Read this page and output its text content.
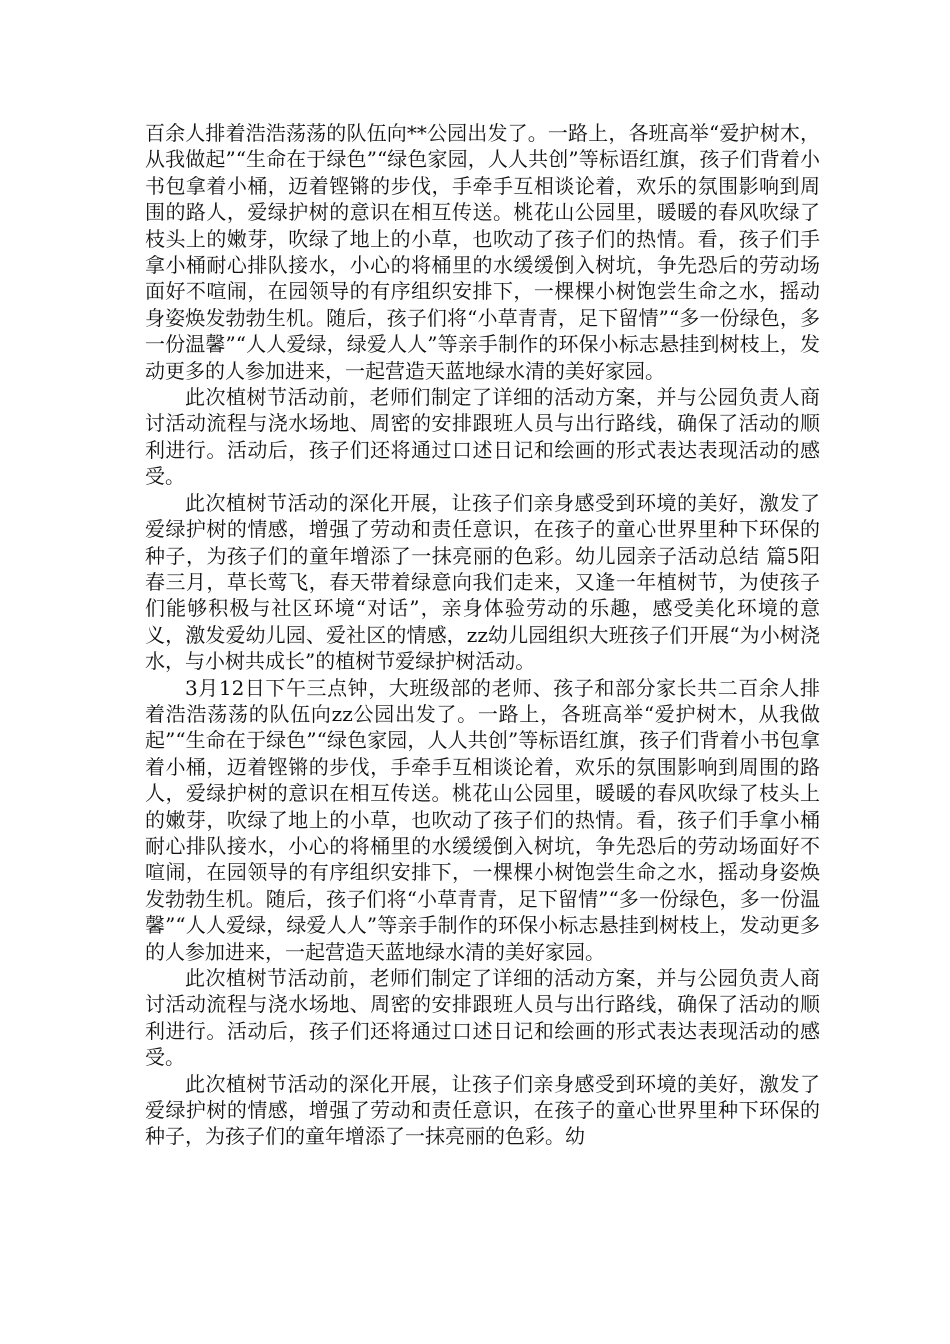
百余人排着浩浩荡荡的队伍向**公园出发了。一路上，各班高举“爱护树木，从我做起”“生命在于绿色”“绿色家园，人人共创”等标语红旗，孩子们背着小书包拿着小桶，迈着铿锵的步伐，手牵手互相谈论着，欢乐的氛围影响到周围的路人，爱绿护树的意识在相互传送。桃花山公园里，暖暖的春风吹绿了枝头上的嫩芽，吹绿了地上的小草，也吹动了孩子们的热情。看，孩子们手拿小桶耐心排队接水，小心的将桶里的水缓缓倒入树坑，争先恐后的劳动场面好不喧闹，在园领导的有序组织安排下，一棵棵小树饱尝生命之水，摇动身姿焕发勃勃生机。随后，孩子们将“小草青青，足下留情”“多一份绿色，多一份温馨”“人人爱绿，绿爱人人”等亲手制作的环保小标志悬挂到树枝上，发动更多的人参加进来，一起营造天蓝地绿水清的美好家园。

此次植树节活动前，老师们制定了详细的活动方案，并与公园负责人商讨活动流程与浇水场地、周密的安排跟班人员与出行路线，确保了活动的顺利进行。活动后，孩子们还将通过口述日记和绘画的形式表达表现活动的感受。

此次植树节活动的深化开展，让孩子们亲身感受到环境的美好，激发了爱绿护树的情感，增强了劳动和责任意识，在孩子的童心世界里种下环保的种子，为孩子们的童年增添了一抹亮丽的色彩。幼儿园亲子活动总结 篇5阳春三月，草长莺飞，春天带着绿意向我们走来，又逢一年植树节，为使孩子们能够积极与社区环境“对话”，亲身体验劳动的乐趣，感受美化环境的意义，激发爱幼儿园、爱社区的情感，zz幼儿园组织大班孩子们开展“为小树浇水，与小树共成长”的植树节爱绿护树活动。

3月12日下午三点钟，大班级部的老师、孩子和部分家长共二百余人排着浩浩荡荡的队伍向zz公园出发了。一路上，各班高举“爱护树木，从我做起”“生命在于绿色”“绿色家园，人人共创”等标语红旗，孩子们背着小书包拿着小桶，迈着铿锵的步伐，手牵手互相谈论着，欢乐的氛围影响到周围的路人，爱绿护树的意识在相互传送。桃花山公园里，暖暖的春风吹绿了枝头上的嫩芽，吹绿了地上的小草，也吹动了孩子们的热情。看，孩子们手拿小桶耐心排队接水，小心的将桶里的水缓缓倒入树坑，争先恐后的劳动场面好不喧闹，在园领导的有序组织安排下，一棵棵小树饱尝生命之水，摇动身姿焕发勃勃生机。随后，孩子们将“小草青青，足下留情”“多一份绿色，多一份温馨”“人人爱绿，绿爱人人”等亲手制作的环保小标志悬挂到树枝上，发动更多的人参加进来，一起营造天蓝地绿水清的美好家园。

此次植树节活动前，老师们制定了详细的活动方案，并与公园负责人商讨活动流程与浇水场地、周密的安排跟班人员与出行路线，确保了活动的顺利进行。活动后，孩子们还将通过口述日记和绘画的形式表达表现活动的感受。

此次植树节活动的深化开展，让孩子们亲身感受到环境的美好，激发了爱绿护树的情感，增强了劳动和责任意识，在孩子的童心世界里种下环保的种子，为孩子们的童年增添了一抹亮丽的色彩。幼
